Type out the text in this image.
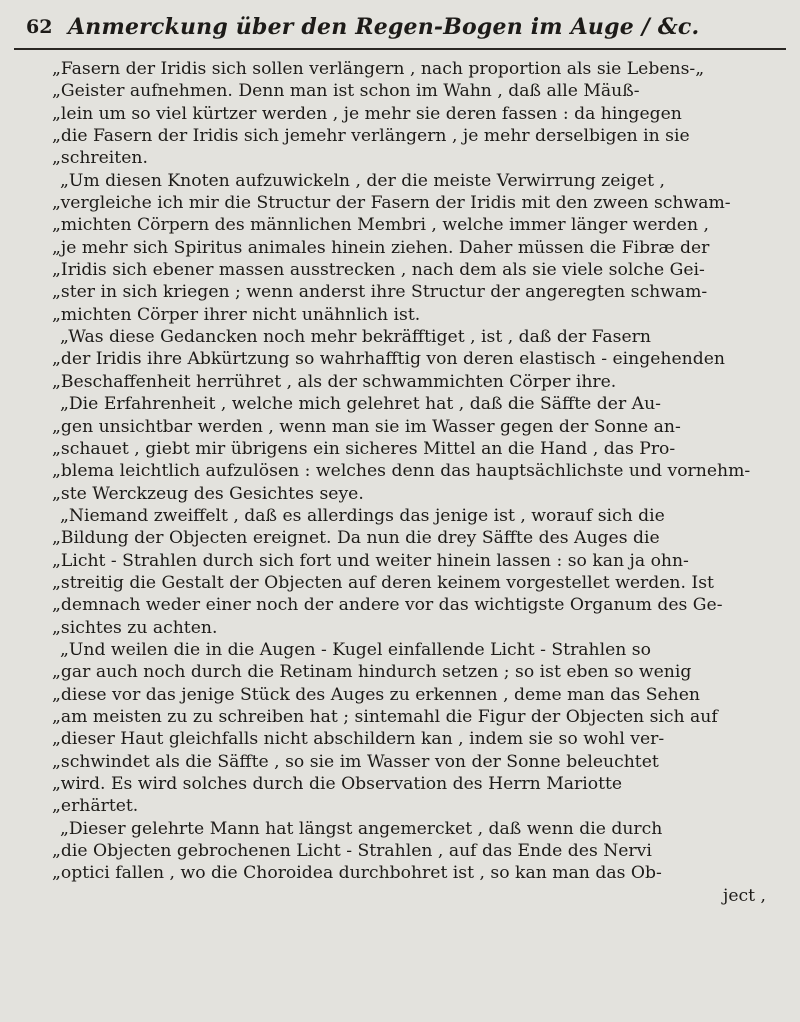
62 Anmerckung über den Regen-Bogen im Auge / &c.
„Fasern der Iridis sich sollen verlängern , nach proportion als sie Lebens-„
„Geister aufnehmen. Denn man ist schon im Wahn , daß alle Mäuß-
„lein um so viel kürtzer werden , je mehr sie deren fassen : da hingegen
„die Fasern der Iridis sich jemehr verlängern , je mehr derselbigen in sie
„schreiten.
„Um diesen Knoten aufzuwickeln , der die meiste Verwirrung zeiget ,
„vergleiche ich mir die Structur der Fasern der Iridis mit den zween schwam-
„michten Cörpern des männlichen Membri , welche immer länger werden ,
„je mehr sich Spiritus animales hinein ziehen. Daher müssen die Fibræ der
„Iridis sich ebener massen ausstrecken , nach dem als sie viele solche Gei-
„ster in sich kriegen ; wenn anderst ihre Structur der angeregten schwam-
„michten Cörper ihrer nicht unähnlich ist.
„Was diese Gedancken noch mehr bekräfftiget , ist , daß der Fasern
„der Iridis ihre Abkürtzung so wahrhafftig von deren elastisch - eingehenden
„Beschaffenheit herrühret , als der schwammichten Cörper ihre.
„Die Erfahrenheit , welche mich gelehret hat , daß die Säffte der Au-
„gen unsichtbar werden , wenn man sie im Wasser gegen der Sonne an-
„schauet , giebt mir übrigens ein sicheres Mittel an die Hand , das Pro-
„blema leichtlich aufzulösen : welches denn das hauptsächlichste und vornehm-
„ste Werckzeug des Gesichtes seye.
„Niemand zweiffelt , daß es allerdings das jenige ist , worauf sich die
„Bildung der Objecten ereignet. Da nun die drey Säffte des Auges die
„Licht - Strahlen durch sich fort und weiter hinein lassen : so kan ja ohn-
„streitig die Gestalt der Objecten auf deren keinem vorgestellet werden. Ist
„demnach weder einer noch der andere vor das wichtigste Organum des Ge-
„sichtes zu achten.
„Und weilen die in die Augen - Kugel einfallende Licht - Strahlen so
„gar auch noch durch die Retinam hindurch setzen ; so ist eben so wenig
„diese vor das jenige Stück des Auges zu erkennen , deme man das Sehen
„am meisten zu zu schreiben hat ; sintemahl die Figur der Objecten sich auf
„dieser Haut gleichfalls nicht abschildern kan , indem sie so wohl ver-
„schwindet als die Säffte , so sie im Wasser von der Sonne beleuchtet
„wird. Es wird solches durch die Observation des Herrn Mariotte
„erhärtet.
„Dieser gelehrte Mann hat längst angemercket , daß wenn die durch
„die Objecten gebrochenen Licht - Strahlen , auf das Ende des Nervi
„optici fallen , wo die Choroidea durchbohret ist , so kan man das Ob-
ject ,
